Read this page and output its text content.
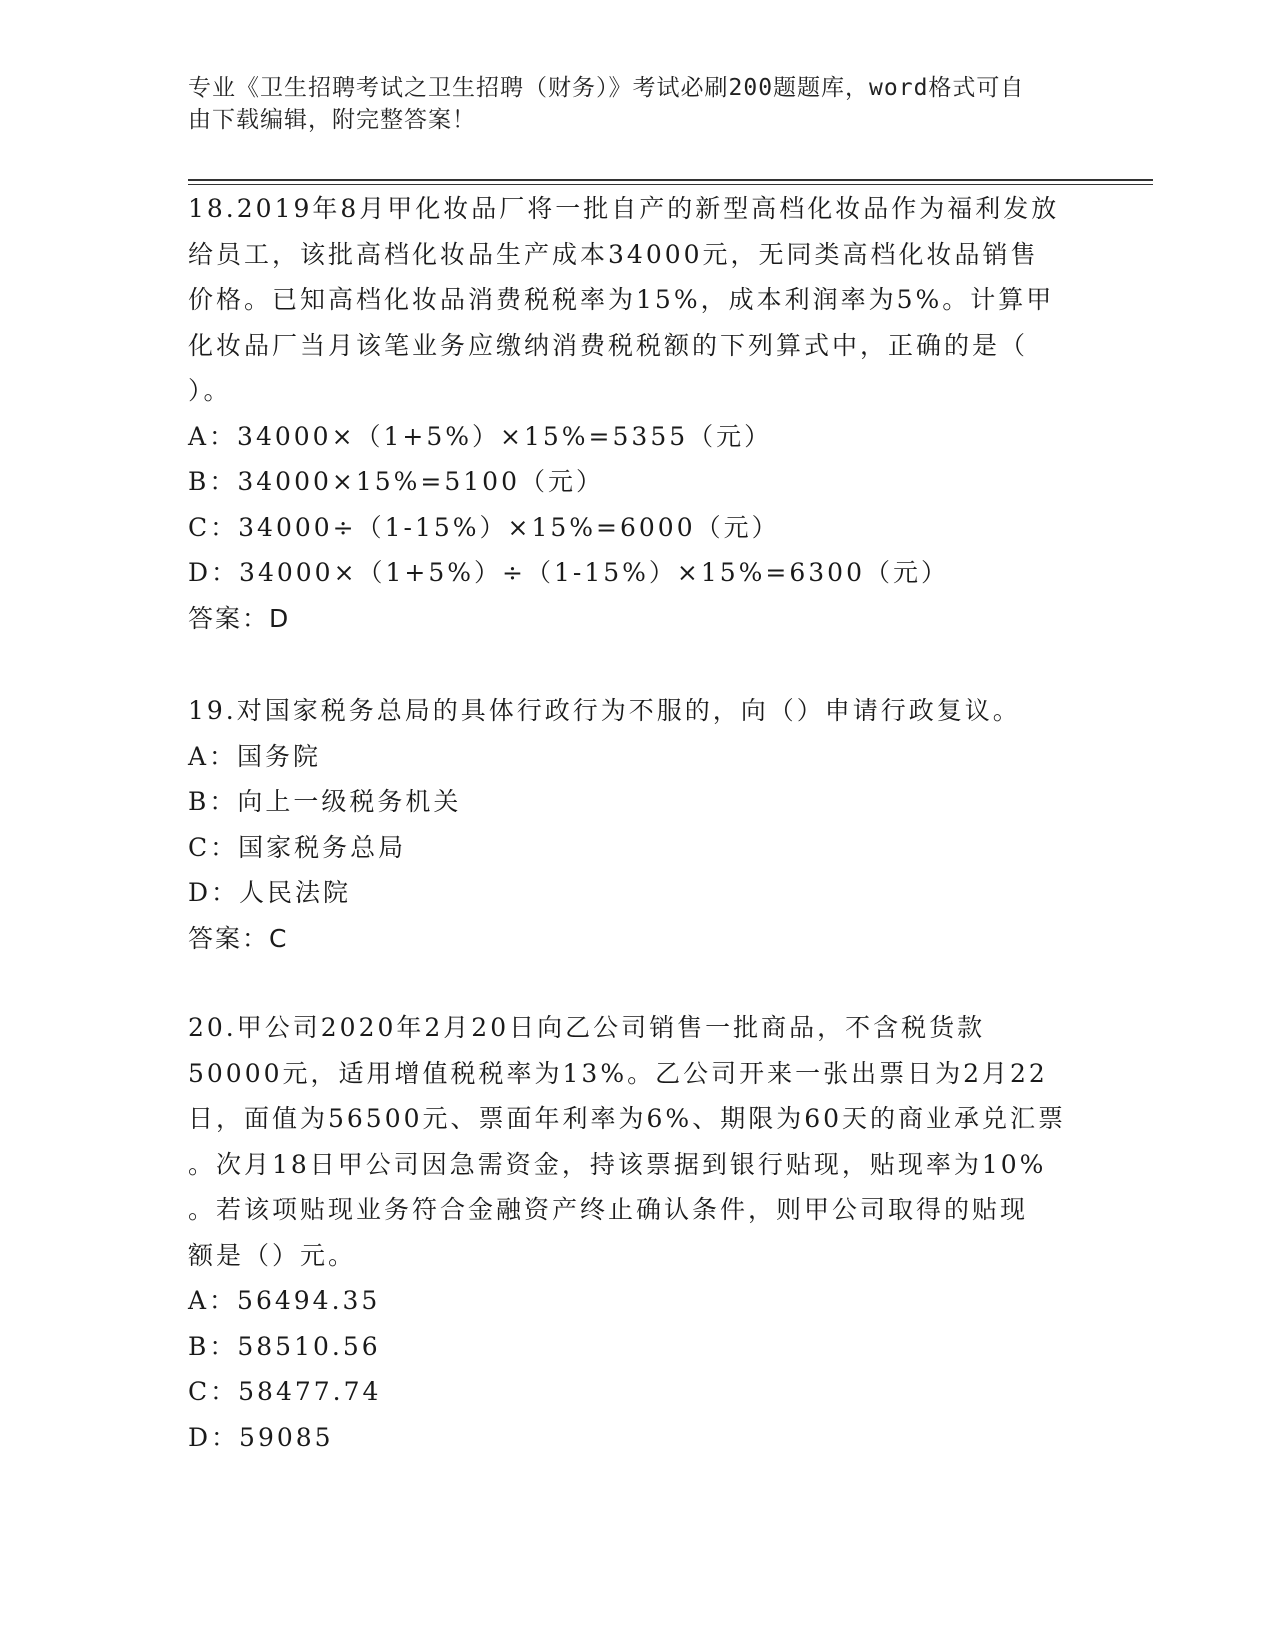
专业《卫生招聘考试之卫生招聘（财务）》考试必刷200题题库，word格式可自
由下载编辑，附完整答案！

18.2019年8月甲化妆品厂将一批自产的新型高档化妆品作为福利发放

给员工，该批高档化妆品生产成本34000元，无同类高档化妆品销售

价格。已知高档化妆品消费税税率为15%，成本利润率为5%。计算甲

化妆品厂当月该笔业务应缴纳消费税税额的下列算式中，正确的是（

）。

A：34000×（1+5%）×15%=5355（元）

B：34000×15%=5100（元）

C：34000÷（1-15%）×15%=6000（元）

D：34000×（1+5%）÷（1-15%）×15%=6300（元）

答案：D

19.对国家税务总局的具体行政行为不服的，向（）申请行政复议。

A：国务院

B：向上一级税务机关

C：国家税务总局

D：人民法院

答案：C

20.甲公司2020年2月20日向乙公司销售一批商品，不含税货款

50000元，适用增值税税率为13%。乙公司开来一张出票日为2月22

日，面值为56500元、票面年利率为6%、期限为60天的商业承兑汇票

。次月18日甲公司因急需资金，持该票据到银行贴现，贴现率为10%

。若该项贴现业务符合金融资产终止确认条件，则甲公司取得的贴现

额是（）元。

A：56494.35

B：58510.56

C：58477.74

D：59085
